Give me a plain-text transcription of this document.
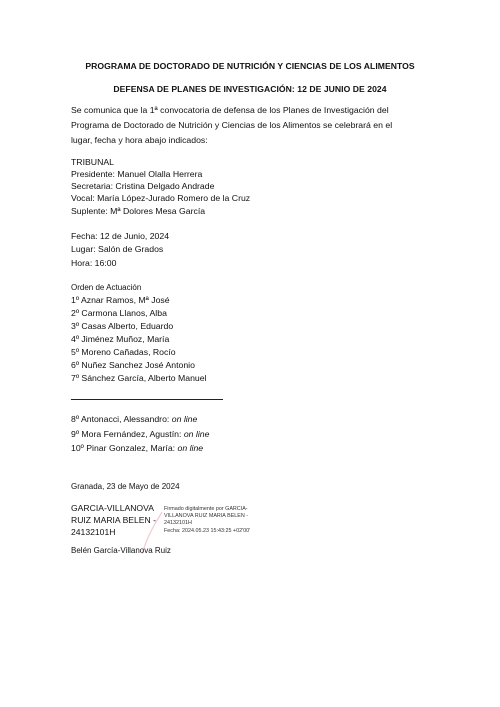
PROGRAMA DE DOCTORADO DE NUTRICIÓN Y CIENCIAS DE LOS ALIMENTOS
DEFENSA DE PLANES DE INVESTIGACIÓN: 12 DE JUNIO DE 2024
Se comunica que la 1ª convocatoria de defensa de los Planes de Investigación del
Programa de Doctorado de Nutrición y Ciencias de los Alimentos se celebrará en el
lugar, fecha y hora abajo indicados:
TRIBUNAL
Presidente: Manuel Olalla Herrera
Secretaria: Cristina Delgado Andrade
Vocal: María López-Jurado Romero de la Cruz
Suplente: Mª Dolores Mesa García
Fecha: 12 de Junio, 2024
Lugar: Salón de Grados
Hora: 16:00
Orden de Actuación
1º Aznar Ramos, Mª José
2º Carmona Llanos, Alba
3º Casas Alberto, Eduardo
4º Jiménez Muñoz, María
5º Moreno Cañadas, Rocío
6º Nuñez Sanchez José Antonio
7º Sánchez García, Alberto Manuel
__
8º Antonacci, Alessandro: on line
9º Mora Fernández, Agustín: on line
10º Pinar Gonzalez, María: on line
Granada, 23 de Mayo de 2024
GARCIA-VILLANOVA
RUIZ MARIA BELEN -
24132101H
Firmado digitalmente por GARCIA-
VILLANOVA RUIZ MARIA BELEN -
24132101H
Fecha: 2024.05.23 15:43:25 +02'00'
Belén García-Villanova Ruiz
